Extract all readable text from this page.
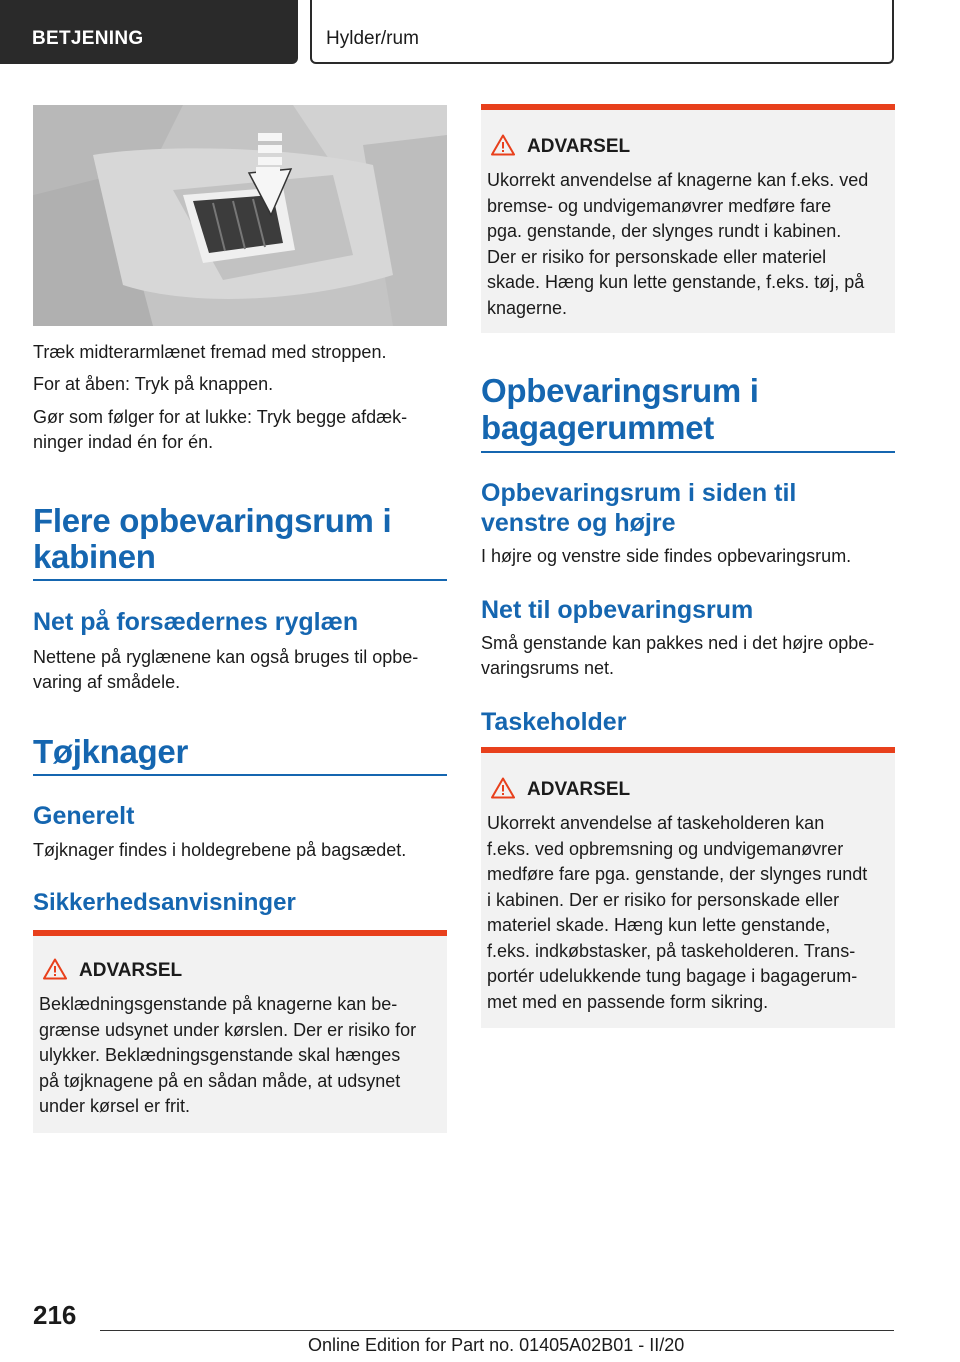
BETJENING	Hylder/rum

Træk midterarmlænet fremad med stroppen.

For at åben: Tryk på knappen.

Gør som følger for at lukke: Tryk begge afdæk-

ninger indad én for én.

Flere opbevaringsrum i
kabinen
Net på forsædernes ryglæn

Nettene på ryglænene kan også bruges til opbe-

varing af smådele.

Tøjknager
Generelt

Tøjknager findes i holdegrebene på bagsædet.

Sikkerhedsanvisninger
ADVARSEL

Beklædningsgenstande på knagerne kan be-

grænse udsynet under kørslen. Der er risiko for

ulykker. Beklædningsgenstande skal hænges

på tøjknagene på en sådan måde, at udsynet

under kørsel er frit.

ADVARSEL

Ukorrekt anvendelse af knagerne kan f.eks. ved

bremse- og undvigemanøvrer medføre fare

pga. genstande, der slynges rundt i kabinen.

Der er risiko for personskade eller materiel

skade. Hæng kun lette genstande, f.eks. tøj, på

knagerne.

Opbevaringsrum i
bagagerummet
Opbevaringsrum i siden til
venstre og højre

I højre og venstre side findes opbevaringsrum.

Net til opbevaringsrum

Små genstande kan pakkes ned i det højre opbe-

varingsrums net.

Taskeholder
ADVARSEL

Ukorrekt anvendelse af taskeholderen kan

f.eks. ved opbremsning og undvigemanøvrer

medføre fare pga. genstande, der slynges rundt

i kabinen. Der er risiko for personskade eller

materiel skade. Hæng kun lette genstande,

f.eks. indkøbstasker, på taskeholderen. Trans-

portér udelukkende tung bagage i bagagerum-

met med en passende form sikring.

216
Online Edition for Part no. 01405A02B01 - II/20
